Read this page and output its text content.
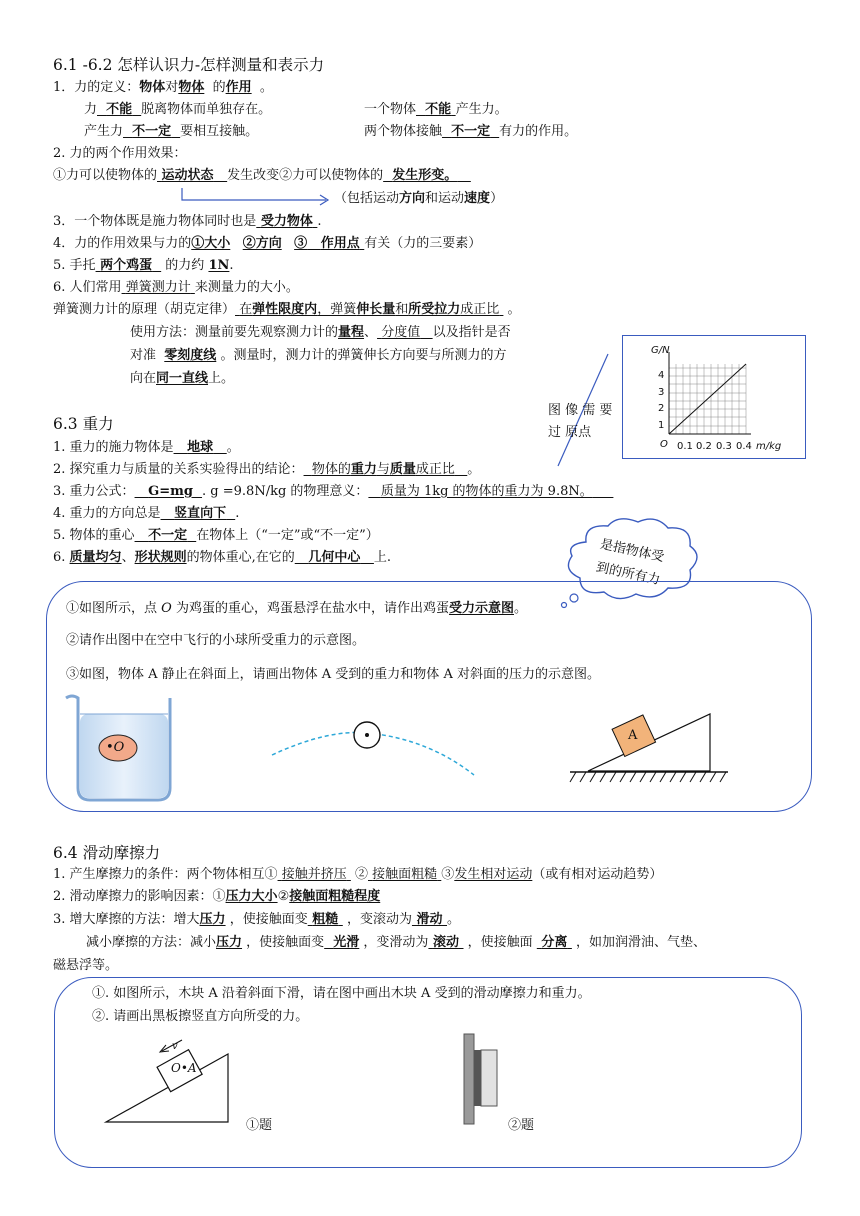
6.1 -6.2 怎样认识力-怎样测量和表示力
1．力的定义：物体对物体 的作用 。
力 不能 脱离物体而单独存在。	一个物体 不能 产生力。
产生力 不一定 要相互接触。	两个物体接触 不一定 有力的作用。
2. 力的两个作用效果：
①力可以使物体的 运动状态 发生改变②力可以使物体的 发生形变。
（包括运动方向和运动速度）
3．一个物体既是施力物体同时也是 受力物体 .
4．力的作用效果与力的①大小 ②方向 ③ 作用点 有关（力的三要素）
5. 手托 两个鸡蛋 的力约 1N.
6. 人们常用 弹簧测力计 来测量力的大小。
弹簧测力计的原理（胡克定律） 在弹性限度内，弹簧伸长量和所受拉力成正比 。
使用方法：测量前要先观察测力计的量程、 分度值 以及指针是否
对准 零刻度线 。测量时，测力计的弹簧伸长方向要与所测力的方
向在同一直线上。
G/N
1
2
3
4
O 0.1 0.2 0.3 0.4 m/kg
图 像 需 要
过 原点
6.3 重力
1. 重力的施力物体是 地球 。
2. 探究重力与质量的关系实验得出的结论： 物体的重力与质量成正比 。
3. 重力公式： G=mg . g =9.8N/kg 的物理意义： 质量为 1kg 的物体的重力为 9.8N。
4. 重力的方向总是 竖直向下 .
5. 物体的重心 不一定 在物体上（“一定”或“不一定”）
6. 质量均匀、形状规则的物体重心,在它的 几何中心 上.	是指物体受
到的所有力
①如图所示，点 O 为鸡蛋的重心，鸡蛋悬浮在盐水中，请作出鸡蛋受力示意图。
②请作出图中在空中飞行的小球所受重力的示意图。
③如图，物体 A 静止在斜面上，请画出物体 A 受到的重力和物体 A 对斜面的压力的示意图。
•O
A
6.4 滑动摩擦力
1. 产生摩擦力的条件：两个物体相互① 接触并挤压 ② 接触面粗糙 ③发生相对运动（或有相对运动趋势）
2. 滑动摩擦力的影响因素：①压力大小②接触面粗糙程度
3. 增大摩擦的方法：增大压力 ，使接触面变 粗糙 ，变滚动为 滑动 。
减小摩擦的方法：减小压力 ，使接触面变 光滑 ，变滑动为 滚动 ，使接触面 分离 ，如加润滑油、气垫、
磁悬浮等。
①. 如图所示，木块 A 沿着斜面下滑，请在图中画出木块 A 受到的滑动摩擦力和重力。
②. 请画出黑板擦竖直方向所受的力。
v
O•A
①题	②题
